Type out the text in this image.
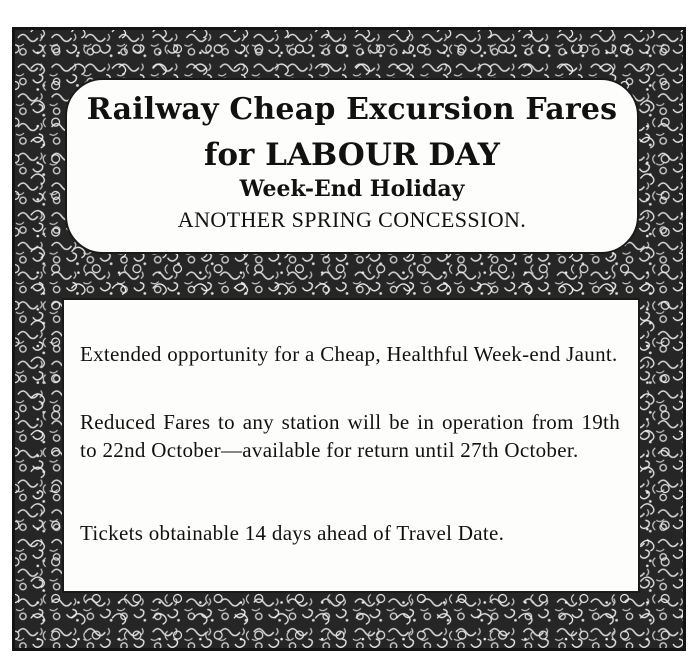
Railway Cheap Excursion Fares
for LABOUR DAY
Week-End Holiday
ANOTHER SPRING CONCESSION.

Extended opportunity for a Cheap, Healthful Week-end Jaunt.

Reduced Fares to any station will be in operation from 19th to 22nd October—available for return until 27th October.

Tickets obtainable 14 days ahead of Travel Date.
